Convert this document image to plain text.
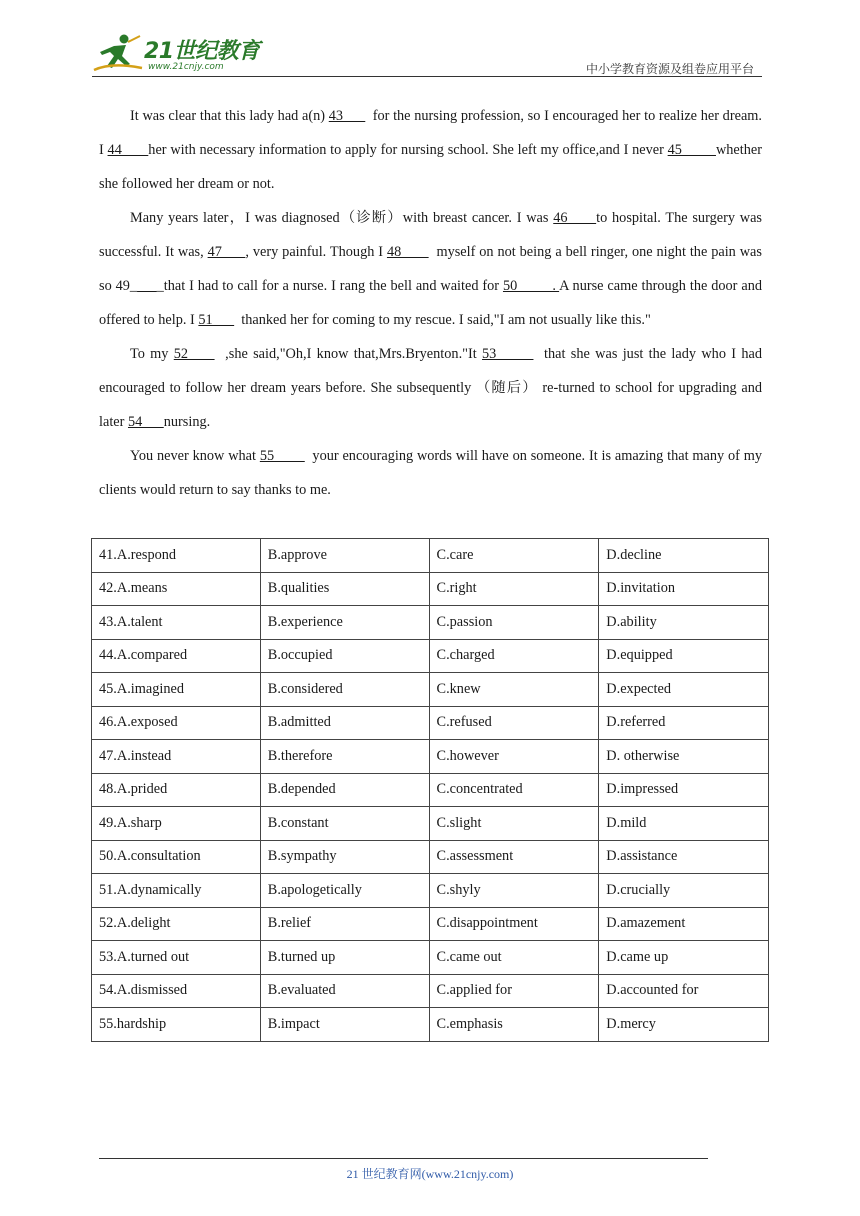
21世纪教育
www.21cnjy.com	中小学教育资源及组卷应用平台

It was clear that this lady had a(n) 43        for the nursing profession, so I encouraged her to realize her dream. I 44       her with necessary information to apply for nursing school. She left my office,and I never 45         whether she followed her dream or not.

Many years later，I was diagnosed（诊断）with breast cancer. I was 46      to hospital. The surgery was successful. It was, 47      , very painful. Though I 48         myself on not being a bell ringer, one night the pain was so 49_ _that I had to call for a nurse. I rang the bell and waited for 50         . A nurse came through the door and offered to help. I 51        thanked her for coming to my rescue. I said,"I am not usually like this."

To my 52       ,she said,"Oh,I know that,Mrs.Bryenton."It 53         that she was just the lady who I had encouraged to follow her dream years before. She subsequently （随后） re-turned to school for upgrading and later 54      nursing.

You never know what 55          your encouraging words will have on someone. It is amazing that many of my clients would return to say thanks to me.

41.A.respond	B.approve	C.care	D.decline
42.A.means	B.qualities	C.right	D.invitation
43.A.talent	B.experience	C.passion	D.ability
44.A.compared	B.occupied	C.charged	D.equipped
45.A.imagined	B.considered	C.knew	D.expected
46.A.exposed	B.admitted	C.refused	D.referred
47.A.instead	B.therefore	C.however	D. otherwise
48.A.prided	B.depended	C.concentrated	D.impressed
49.A.sharp	B.constant	C.slight	D.mild
50.A.consultation	B.sympathy	C.assessment	D.assistance
51.A.dynamically	B.apologetically	C.shyly	D.crucially
52.A.delight	B.relief	C.disappointment	D.amazement
53.A.turned out	B.turned up	C.came out	D.came up
54.A.dismissed	B.evaluated	C.applied for	D.accounted for
55.hardship	B.impact	C.emphasis	D.mercy
21 世纪教育网(www.21cnjy.com)
